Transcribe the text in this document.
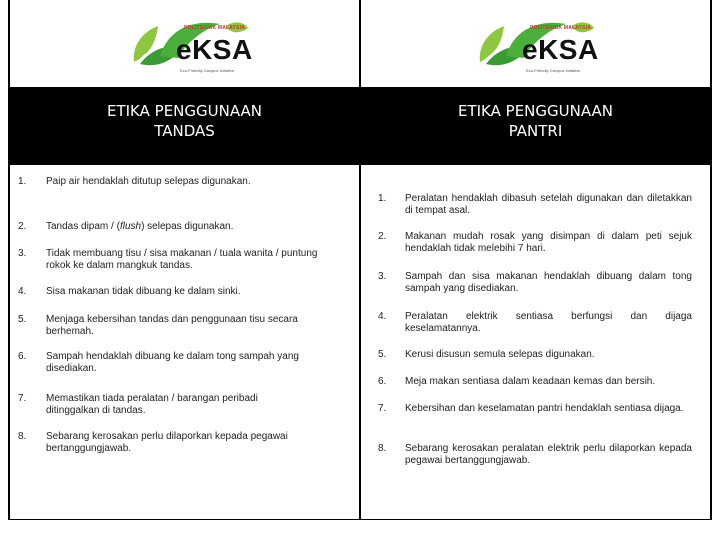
POLITEKNIK MALAYSIA
eKSA
Eco-Friendly Campus Initiative
POLITEKNIK MALAYSIA
eKSA
Eco-Friendly Campus Initiative
ETIKA PENGGUNAAN
TANDAS
ETIKA PENGGUNAAN
PANTRI
1. Paip air hendaklah ditutup selepas digunakan.
2. Tandas dipam / (flush) selepas digunakan.
3. Tidak membuang tisu / sisa makanan / tuala wanita / puntung rokok ke dalam mangkuk tandas.
4. Sisa makanan tidak dibuang ke dalam sinki.
5. Menjaga kebersihan tandas dan penggunaan tisu secara berhemah.
6. Sampah hendaklah dibuang ke dalam tong sampah yang disediakan.
7. Memastikan tiada peralatan / barangan peribadi ditinggalkan di tandas.
8. Sebarang kerosakan perlu dilaporkan kepada pegawai bertanggungjawab.
1. Peralatan hendaklah dibasuh setelah digunakan dan diletakkan di tempat asal.
2. Makanan mudah rosak yang disimpan di dalam peti sejuk hendaklah tidak melebihi 7 hari.
3. Sampah dan sisa makanan hendaklah dibuang dalam tong sampah yang disediakan.
4. Peralatan elektrik sentiasa berfungsi dan dijaga keselamatannya.
5. Kerusi disusun semula selepas digunakan.
6. Meja makan sentiasa dalam keadaan kemas dan bersih.
7. Kebersihan dan keselamatan pantri hendaklah sentiasa dijaga.
8. Sebarang kerosakan peralatan elektrik perlu dilaporkan kepada pegawai bertanggungjawab.
